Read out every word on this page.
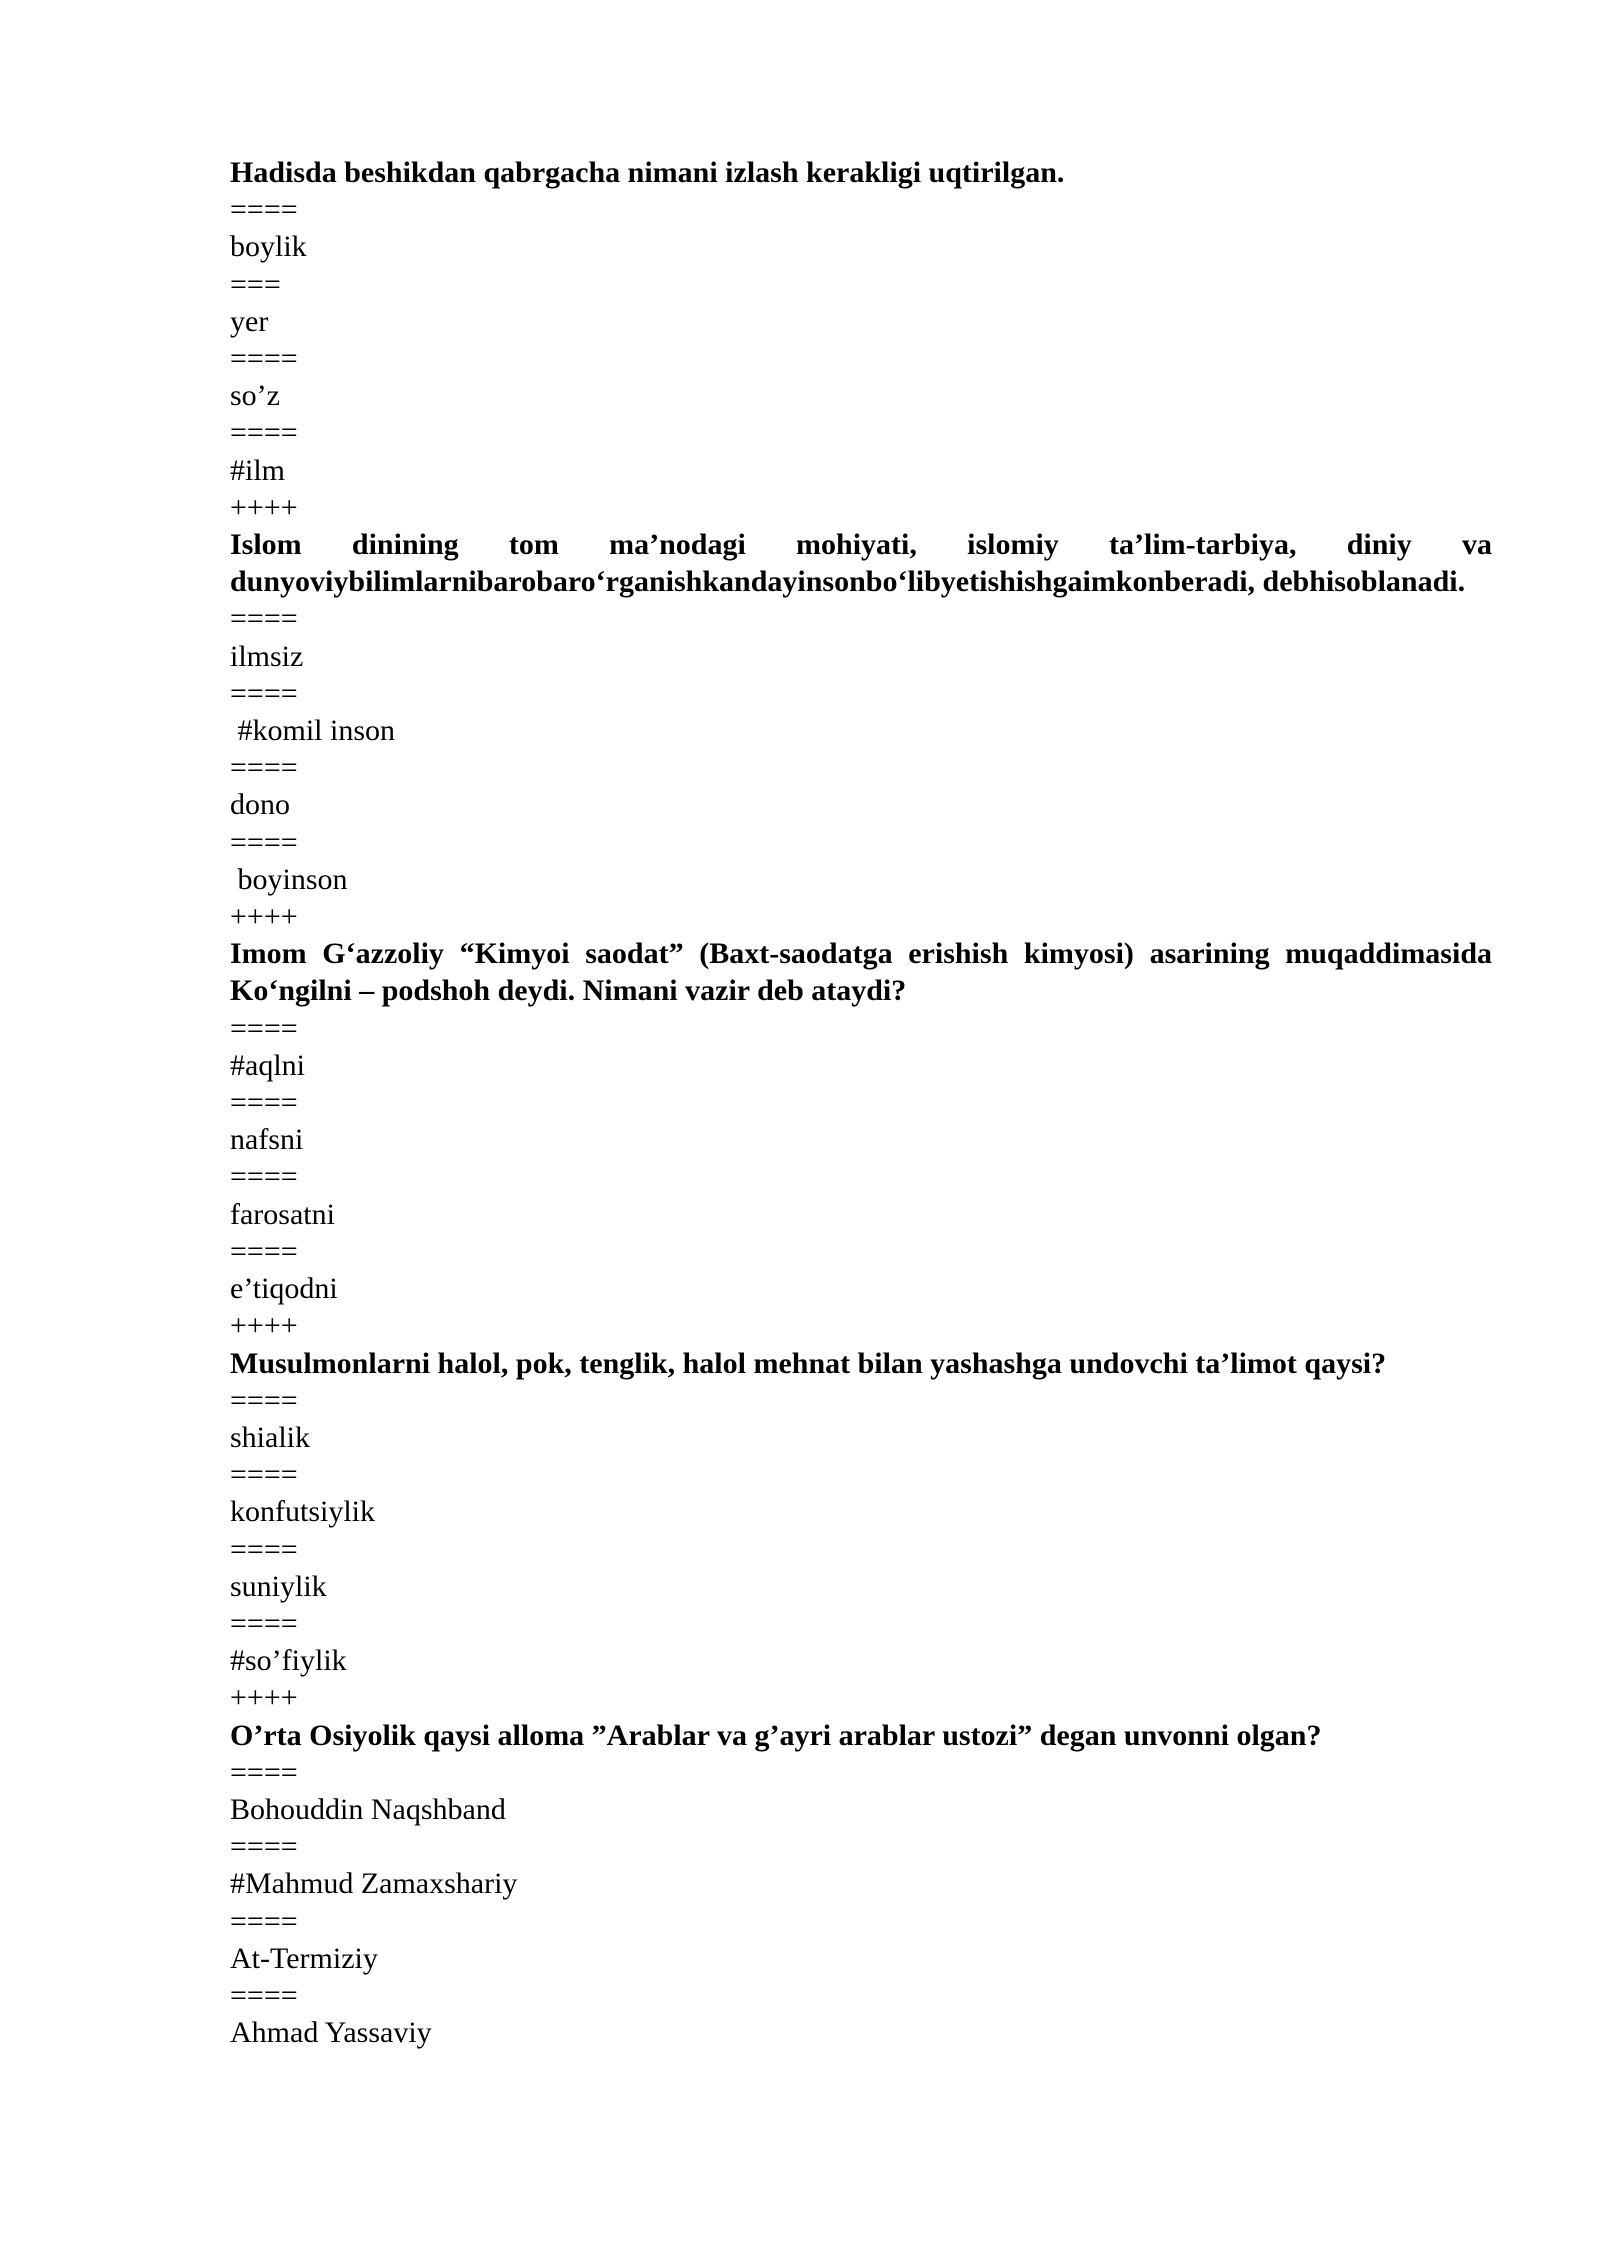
Hadisda beshikdan qabrgacha nimani izlash kerakligi uqtirilgan.

====

boylik

===

yer

====

so’z

====

#ilm

++++

Islom dinining tom ma’nodagi mohiyati, islomiy ta’lim-tarbiya, diniy va dunyoviybilimlarnibarobaro‘rganishkandayinsonbo‘libyetishishgaimkonberadi, debhisoblanadi.

====

ilmsiz

====

#komil inson

====

dono

====

boyinson

++++

Imom G‘azzoliy “Kimyoi saodat” (Baxt-saodatga erishish kimyosi) asarining muqaddimasida Ko‘ngilni – podshoh deydi. Nimani vazir deb ataydi?

====

#aqlni

====

nafsni

====

farosatni

====

e’tiqodni

++++

Musulmonlarni halol, pok, tenglik, halol mehnat bilan yashashga undovchi ta’limot qaysi?

====

shialik

====

konfutsiylik

====

suniylik

====

#so’fiylik

++++

O’rta Osiyolik qaysi alloma ”Arablar va g’ayri arablar ustozi” degan unvonni olgan?

====

Bohouddin Naqshband

====

#Mahmud Zamaxshariy

====

At-Termiziy

====

Ahmad Yassaviy
